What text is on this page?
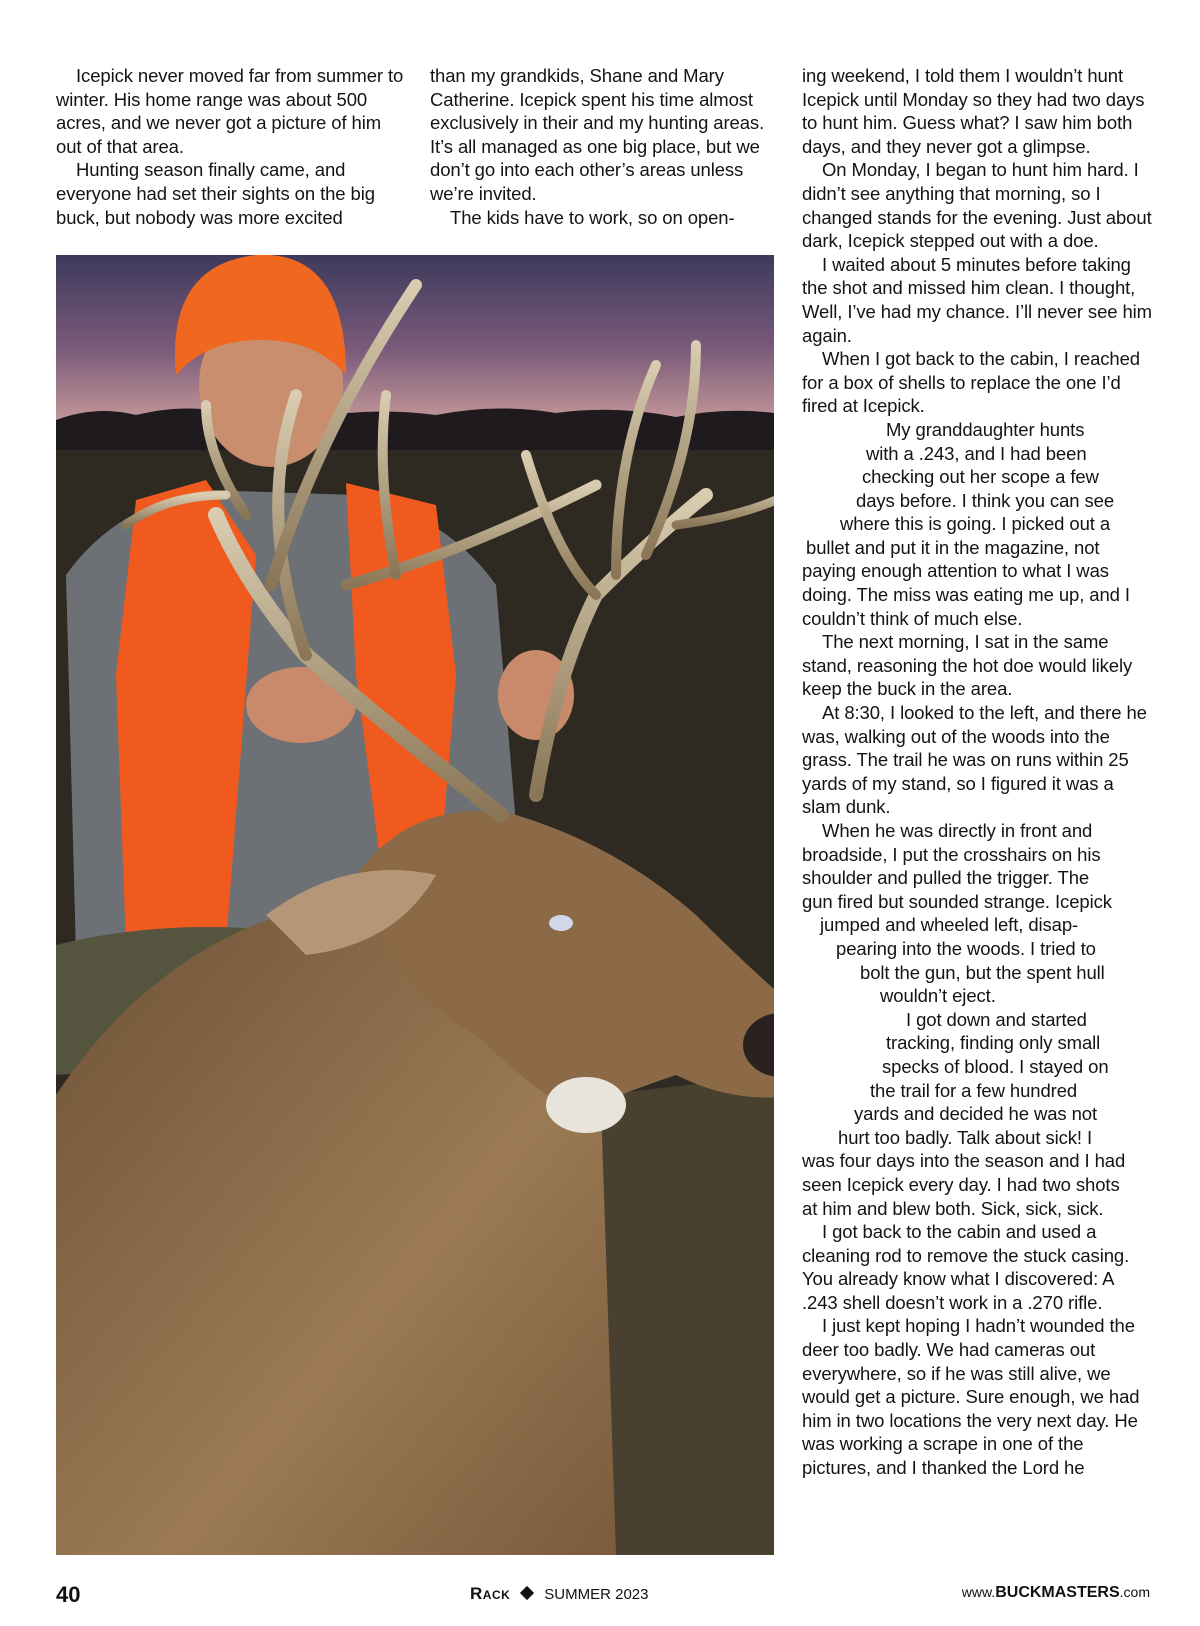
Icepick never moved far from summer to winter. His home range was about 500 acres, and we never got a picture of him out of that area.

Hunting season finally came, and everyone had set their sights on the big buck, but nobody was more excited

than my grandkids, Shane and Mary Catherine. Icepick spent his time almost exclusively in their and my hunting areas. It’s all managed as one big place, but we don’t go into each other’s areas unless we’re invited.

The kids have to work, so on open-

ing weekend, I told them I wouldn’t hunt Icepick until Monday so they had two days to hunt him. Guess what? I saw him both days, and they never got a glimpse.

On Monday, I began to hunt him hard. I didn’t see anything that morning, so I changed stands for the evening. Just about dark, Icepick stepped out with a doe.

I waited about 5 minutes before taking the shot and missed him clean. I thought, Well, I’ve had my chance. I’ll never see him again.

When I got back to the cabin, I reached for a box of shells to replace the one I’d fired at Icepick.

My granddaughter hunts
with a .243, and I had been
checking out her scope a few
days before. I think you can see
where this is going. I picked out a
bullet and put it in the magazine, not
paying enough attention to what I was
doing. The miss was eating me up, and I
couldn’t think of much else.

The next morning, I sat in the same stand, reasoning the hot doe would likely keep the buck in the area.

At 8:30, I looked to the left, and there he was, walking out of the woods into the grass. The trail he was on runs within 25 yards of my stand, so I figured it was a slam dunk.

When he was directly in front and
broadside, I put the crosshairs on his
shoulder and pulled the trigger. The
gun fired but sounded strange. Icepick
jumped and wheeled left, disap-
pearing into the woods. I tried to
bolt the gun, but the spent hull
wouldn’t eject.
I got down and started
tracking, finding only small
specks of blood. I stayed on
the trail for a few hundred
yards and decided he was not
hurt too badly. Talk about sick! I
was four days into the season and I had
seen Icepick every day. I had two shots
at him and blew both. Sick, sick, sick.

I got back to the cabin and used a cleaning rod to remove the stuck casing. You already know what I discovered: A .243 shell doesn’t work in a .270 rifle.

I just kept hoping I hadn’t wounded the deer too badly. We had cameras out everywhere, so if he was still alive, we would get a picture. Sure enough, we had him in two locations the very next day. He was working a scrape in one of the pictures, and I thanked the Lord he

40	Rack SUMMER 2023	www.BUCKMASTERS.com
